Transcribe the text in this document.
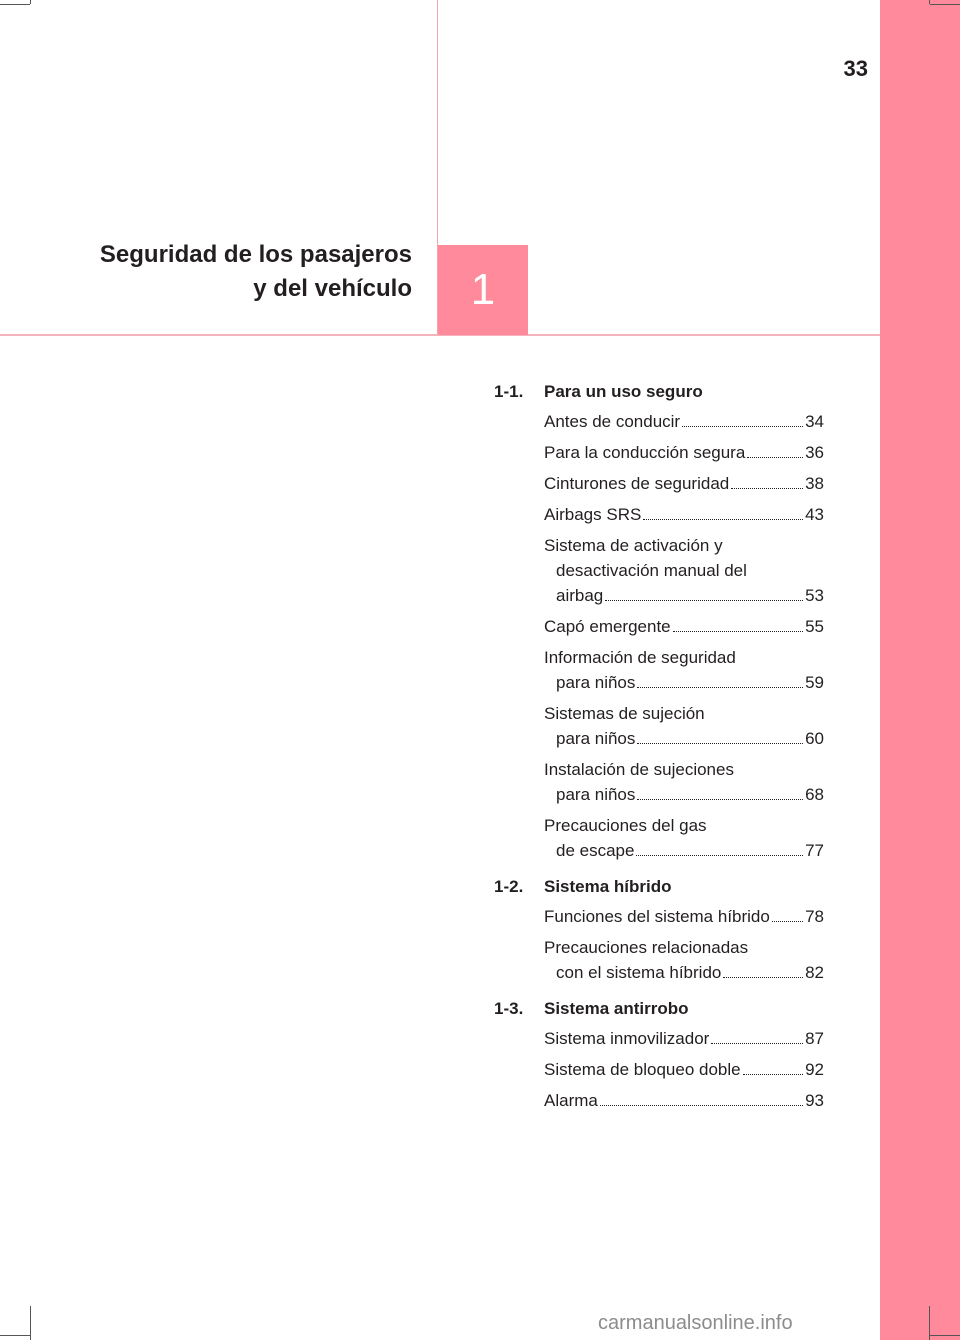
33
Seguridad de los pasajeros
y del vehículo 1
1-1.	Para un uso seguro
Antes de conducir	34
Para la conducción segura	36
Cinturones de seguridad	38
Airbags SRS	43
Sistema de activación y
desactivación manual del
airbag	53
Capó emergente	55
Información de seguridad
para niños	59
Sistemas de sujeción
para niños	60
Instalación de sujeciones
para niños	68
Precauciones del gas
de escape	77
1-2.	Sistema híbrido
Funciones del sistema híbrido 78
Precauciones relacionadas
con el sistema híbrido	82
1-3.	Sistema antirrobo
Sistema inmovilizador	87
Sistema de bloqueo doble	92
Alarma	93
carmanualsonline.info
